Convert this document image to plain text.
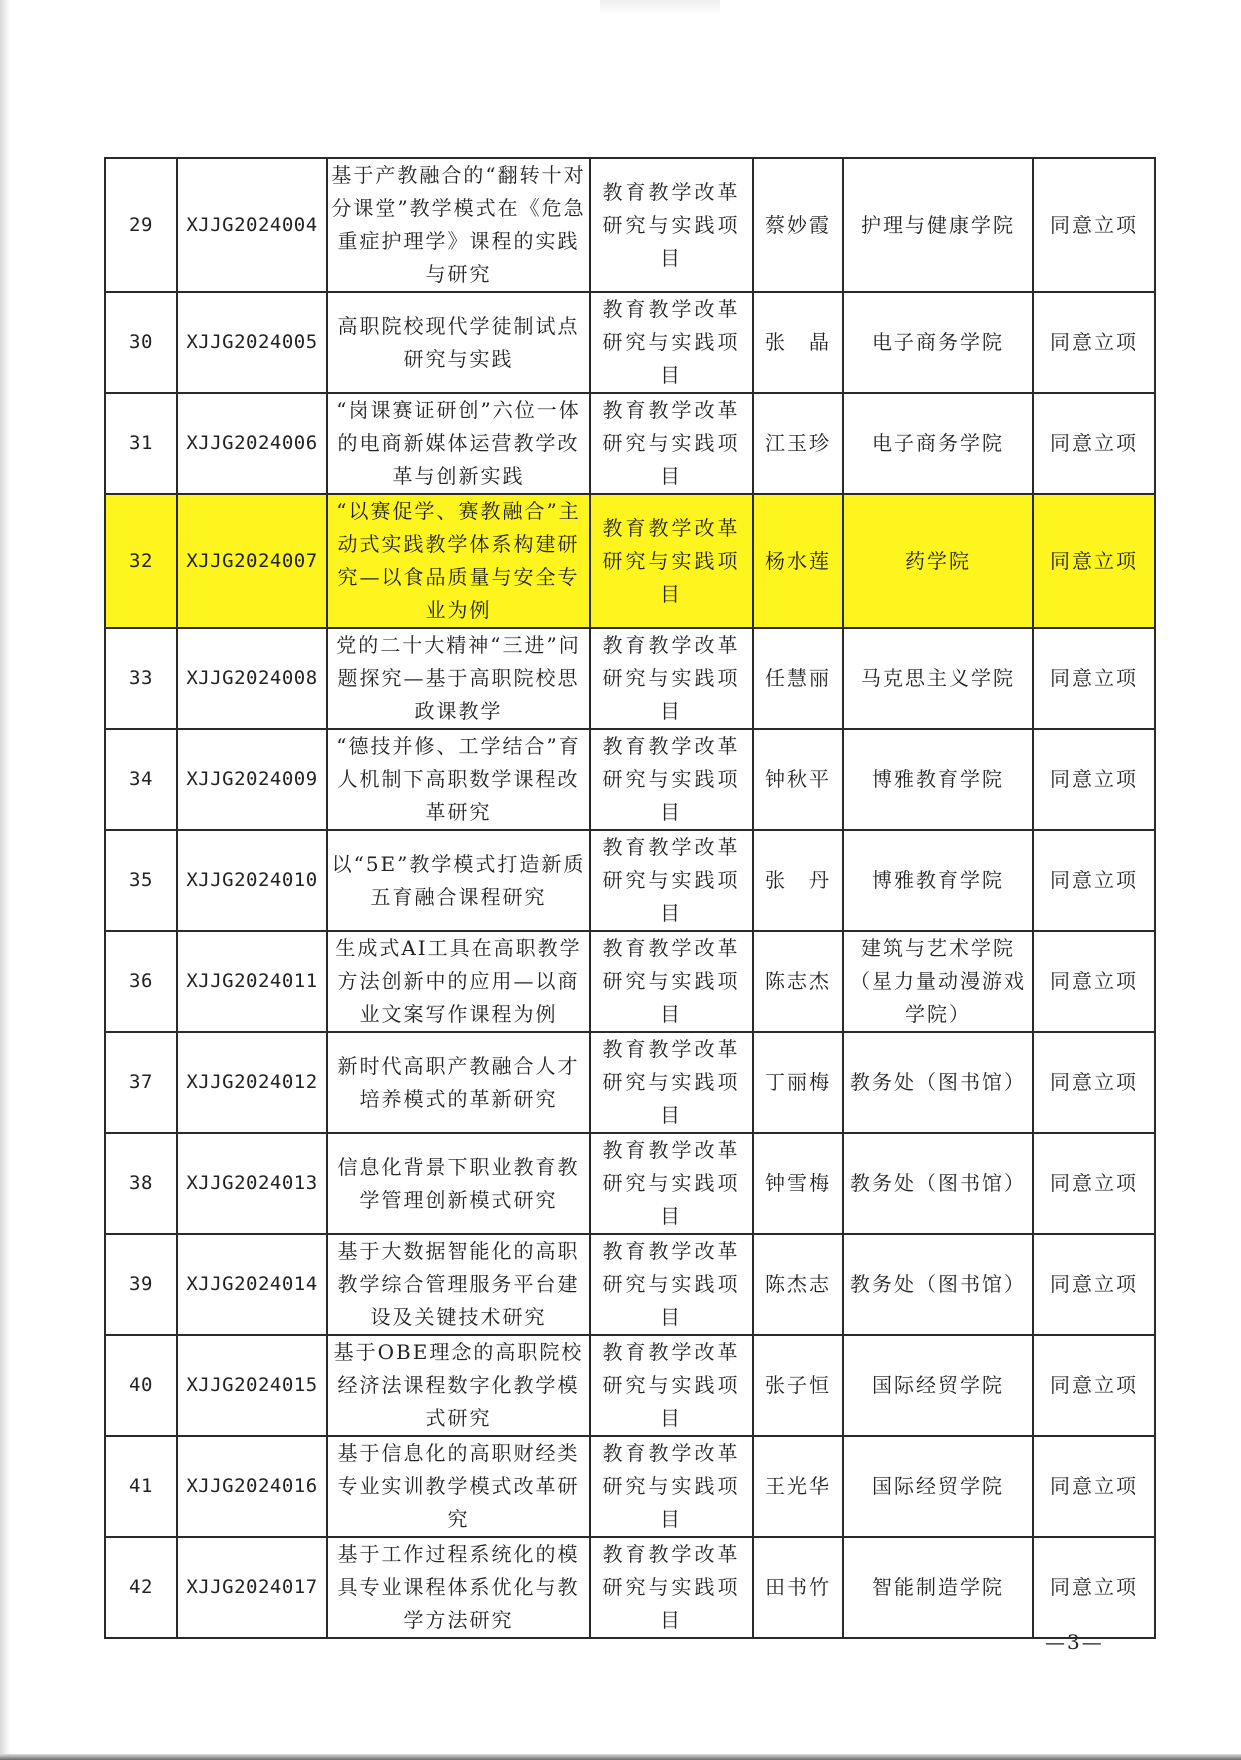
29	XJJG2024004	基于产教融合的“翻转十对分课堂”教学模式在《危急重症护理学》课程的实践与研究	教育教学改革研究与实践项目	蔡妙霞	护理与健康学院	同意立项
30	XJJG2024005	高职院校现代学徒制试点研究与实践	教育教学改革研究与实践项目	张　晶	电子商务学院	同意立项
31	XJJG2024006	“岗课赛证研创”六位一体的电商新媒体运营教学改革与创新实践	教育教学改革研究与实践项目	江玉珍	电子商务学院	同意立项
32	XJJG2024007	“以赛促学、赛教融合”主动式实践教学体系构建研究—以食品质量与安全专业为例	教育教学改革研究与实践项目	杨水莲	药学院	同意立项
33	XJJG2024008	党的二十大精神“三进”问题探究—基于高职院校思政课教学	教育教学改革研究与实践项目	任慧丽	马克思主义学院	同意立项
34	XJJG2024009	“德技并修、工学结合”育人机制下高职数学课程改革研究	教育教学改革研究与实践项目	钟秋平	博雅教育学院	同意立项
35	XJJG2024010	以“5E”教学模式打造新质五育融合课程研究	教育教学改革研究与实践项目	张　丹	博雅教育学院	同意立项
36	XJJG2024011	生成式AI工具在高职教学方法创新中的应用—以商业文案写作课程为例	教育教学改革研究与实践项目	陈志杰	建筑与艺术学院（星力量动漫游戏学院）	同意立项
37	XJJG2024012	新时代高职产教融合人才培养模式的革新研究	教育教学改革研究与实践项目	丁丽梅	教务处（图书馆）	同意立项
38	XJJG2024013	信息化背景下职业教育教学管理创新模式研究	教育教学改革研究与实践项目	钟雪梅	教务处（图书馆）	同意立项
39	XJJG2024014	基于大数据智能化的高职教学综合管理服务平台建设及关键技术研究	教育教学改革研究与实践项目	陈杰志	教务处（图书馆）	同意立项
40	XJJG2024015	基于OBE理念的高职院校经济法课程数字化教学模式研究	教育教学改革研究与实践项目	张子恒	国际经贸学院	同意立项
41	XJJG2024016	基于信息化的高职财经类专业实训教学模式改革研究	教育教学改革研究与实践项目	王光华	国际经贸学院	同意立项
42	XJJG2024017	基于工作过程系统化的模具专业课程体系优化与教学方法研究	教育教学改革研究与实践项目	田书竹	智能制造学院	同意立项
—3—
